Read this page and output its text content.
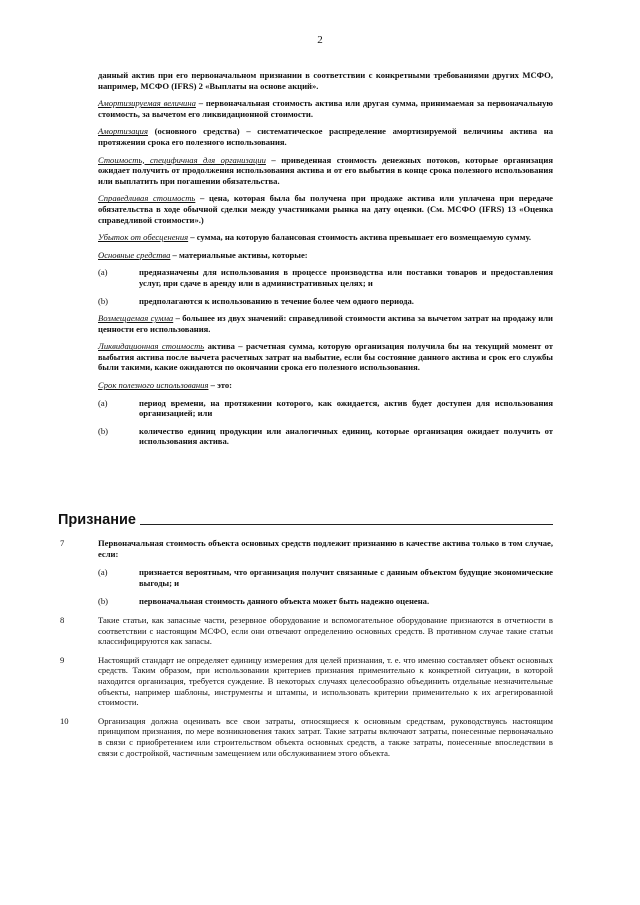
2

данный актив при его первоначальном признании в соответствии с конкретными требованиями других МСФО, например, МСФО (IFRS) 2 «Выплаты на основе акций».

Амортизируемая величина – первоначальная стоимость актива или другая сумма, принимаемая за первоначальную стоимость, за вычетом его ликвидационной стоимости.
Амортизация (основного средства) – систематическое распределение амортизируемой величины актива на протяжении срока его полезного использования.
Стоимость, специфичная для организации – приведенная стоимость денежных потоков, которые организация ожидает получить от продолжения использования актива и от его выбытия в конце срока полезного использования или выплатить при погашении обязательства.
Справедливая стоимость – цена, которая была бы получена при продаже актива или уплачена при передаче обязательства в ходе обычной сделки между участниками рынка на дату оценки. (См. МСФО (IFRS) 13 «Оценка справедливой стоимости».)
Убыток от обесценения – сумма, на которую балансовая стоимость актива превышает его возмещаемую сумму.
Основные средства – материальные активы, которые:
(a)	предназначены для использования в процессе производства или поставки товаров и предоставления услуг, при сдаче в аренду или в административных целях; и
(b)	предполагаются к использованию в течение более чем одного периода.
Возмещаемая сумма – большее из двух значений: справедливой стоимости актива за вычетом затрат на продажу или ценности его использования.
Ликвидационная стоимость актива – расчетная сумма, которую организация получила бы на текущий момент от выбытия актива после вычета расчетных затрат на выбытие, если бы состояние данного актива и срок его службы были такими, какие ожидаются по окончании срока его полезного использования.
Срок полезного использования – это:
(a)	период времени, на протяжении которого, как ожидается, актив будет доступен для использования организацией; или
(b)	количество единиц продукции или аналогичных единиц, которые организация ожидает получить от использования актива.
Признание
7	Первоначальная стоимость объекта основных средств подлежит признанию в качестве актива только в том случае, если:
(a)	признается вероятным, что организация получит связанные с данным объектом будущие экономические выгоды; и
(b)	первоначальная стоимость данного объекта может быть надежно оценена.
8	Такие статьи, как запасные части, резервное оборудование и вспомогательное оборудование признаются в отчетности в соответствии с настоящим МСФО, если они отвечают определению основных средств. В противном случае такие статьи классифицируются как запасы.
9	Настоящий стандарт не определяет единицу измерения для целей признания, т. е. что именно составляет объект основных средств. Таким образом, при использовании критериев признания применительно к конкретной ситуации, в которой находится организация, требуется суждение. В некоторых случаях целесообразно объединить отдельные незначительные объекты, например шаблоны, инструменты и штампы, и использовать критерии применительно к их агрегированной стоимости.
10	Организация должна оценивать все свои затраты, относящиеся к основным средствам, руководствуясь настоящим принципом признания, по мере возникновения таких затрат. Такие затраты включают затраты, понесенные первоначально в связи с приобретением или строительством объекта основных средств, а также затраты, понесенные впоследствии в связи с достройкой, частичным замещением или обслуживанием этого объекта.
